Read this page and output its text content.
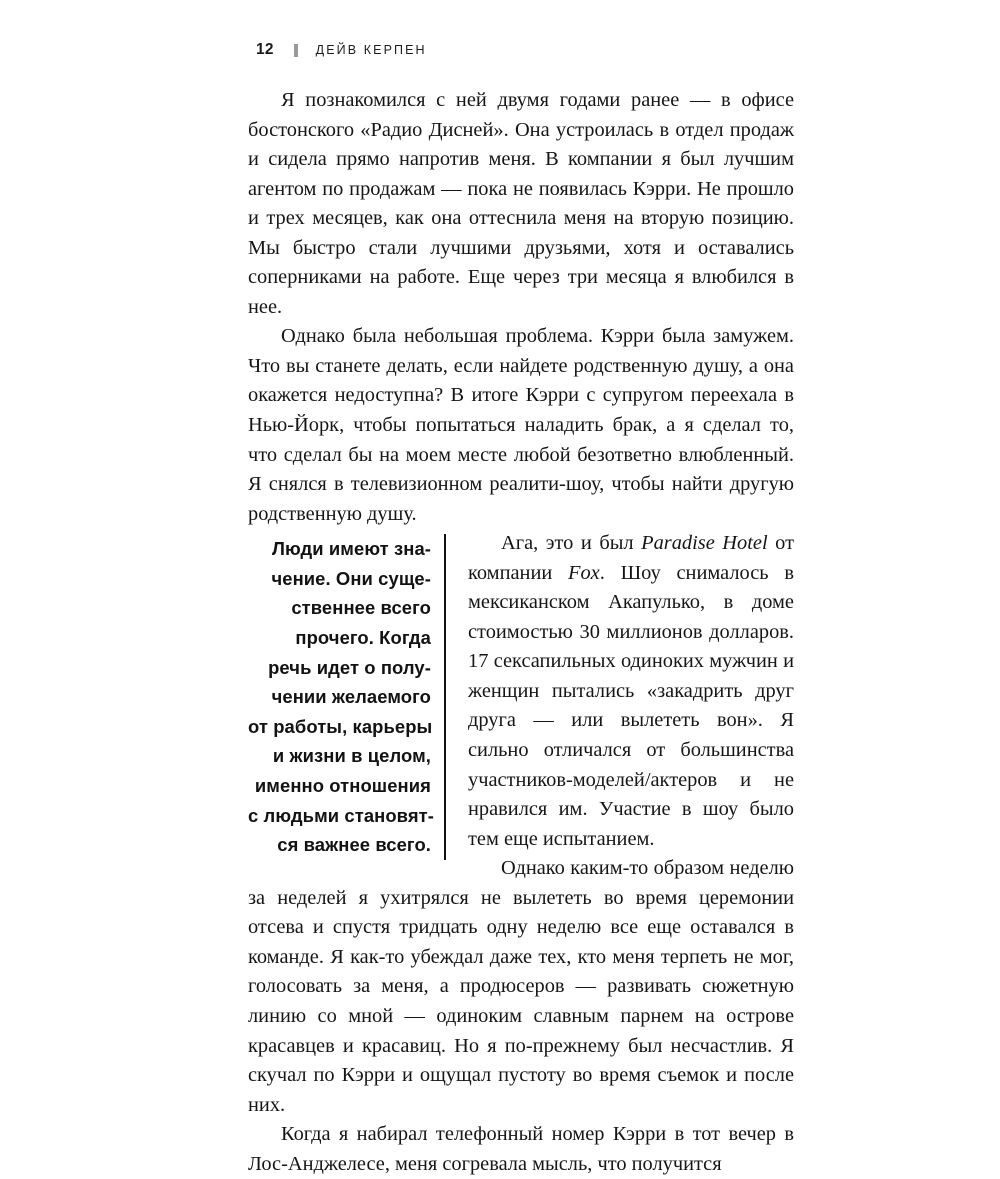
12	ДЕЙВ КЕРПЕН

Я познакомился с ней двумя годами ранее — в офисе бостонского «Радио Дисней». Она устроилась в отдел продаж и сидела прямо напротив меня. В компании я был лучшим агентом по продажам — пока не появилась Кэрри. Не прошло и трех месяцев, как она оттеснила меня на вторую позицию. Мы быстро стали лучшими друзьями, хотя и оставались соперниками на работе. Еще через три месяца я влюбился в нее.

Однако была небольшая проблема. Кэрри была замужем. Что вы станете делать, если найдете родственную душу, а она окажется недоступна? В итоге Кэрри с супругом переехала в Нью-Йорк, чтобы попытаться наладить брак, а я сделал то, что сделал бы на моем месте любой безответно влюбленный. Я снялся в телевизионном реалити-шоу, чтобы найти другую родственную душу.

Люди имеют зна-
чение. Они суще-
ственнее всего
прочего. Когда
речь идет о полу-
чении желаемого
от работы, карьеры
и жизни в целом,
именно отношения
с людьми становят-
ся важнее всего.

Ага, это и был Paradise Hotel от компании Fox. Шоу снималось в мексиканском Акапулько, в доме стоимостью 30 миллионов долларов. 17 сексапильных одиноких мужчин и женщин пытались «закадрить друг друга — или вылететь вон». Я сильно отличался от большинства участников-моделей/актеров и не нравился им. Участие в шоу было тем еще испытанием.

Однако каким-то образом неделю за неделей я ухитрялся не вылететь во время церемонии отсева и спустя тридцать одну неделю все еще оставался в команде. Я как-то убеждал даже тех, кто меня терпеть не мог, голосовать за меня, а продюсеров — развивать сюжетную линию со мной — одиноким славным парнем на острове красавцев и красавиц. Но я по-прежнему был несчастлив. Я скучал по Кэрри и ощущал пустоту во время съемок и после них.

Когда я набирал телефонный номер Кэрри в тот вечер в Лос-Анджелесе, меня согревала мысль, что получится
